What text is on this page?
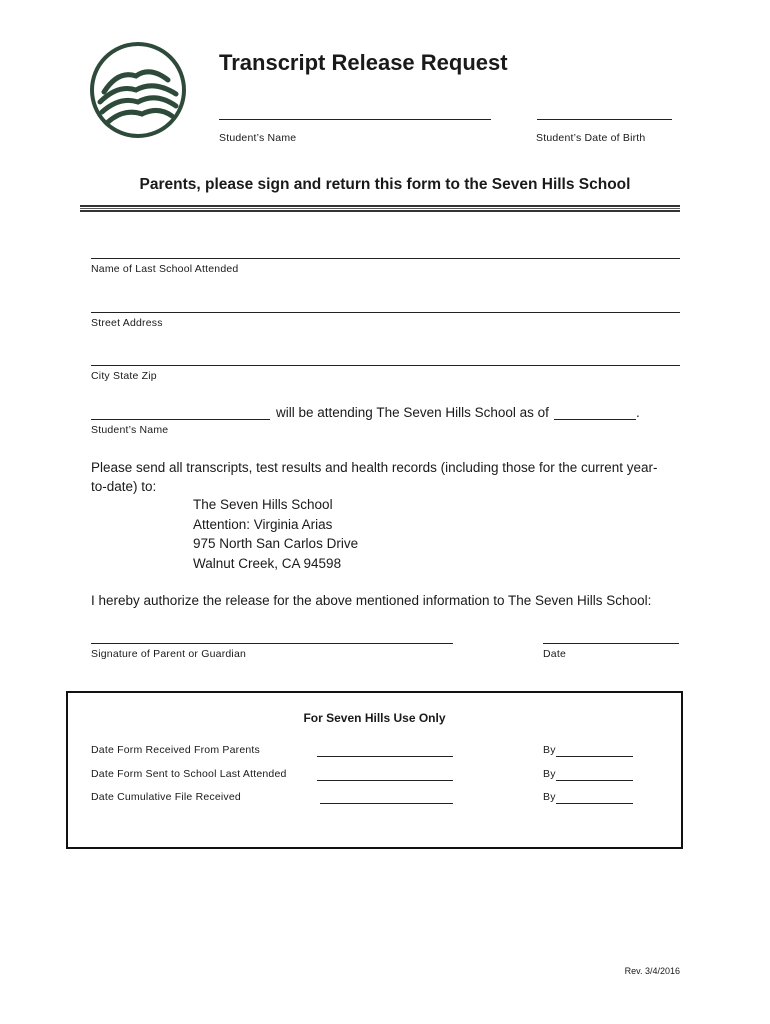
Transcript Release Request
Student’s Name	Student’s Date of Birth
Parents, please sign and return this form to the Seven Hills School
Name of Last School Attended
Street Address
City State Zip
will be attending The Seven Hills School as of	.
Student’s Name
Please send all transcripts, test results and health records (including those for the current year-
to-date) to:
The Seven Hills School
Attention: Virginia Arias
975 North San Carlos Drive
Walnut Creek, CA 94598
I hereby authorize the release for the above mentioned information to The Seven Hills School:
Signature of Parent or Guardian	Date
For Seven Hills Use Only
Date Form Received From Parents	By
Date Form Sent to School Last Attended	By
Date Cumulative File Received	By
Rev. 3/4/2016
